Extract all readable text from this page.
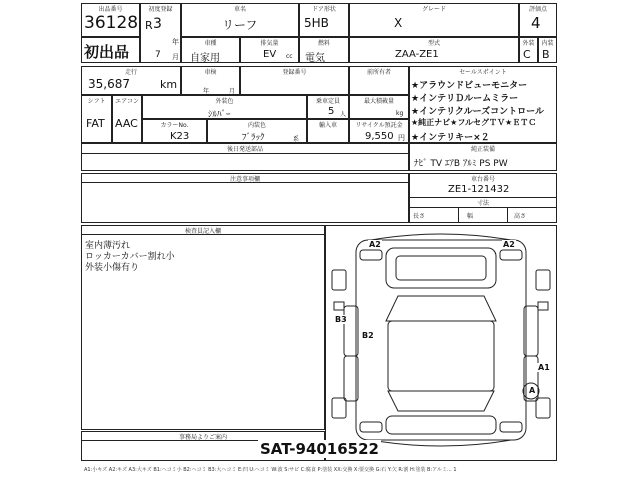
出品番号
36128
初出品
初度登録
R 3
年
7 月
車名
リーフ
車種
自家用
排気量
EV cc
ドア形状
5HB
燃料
電気
グレード
X
型式
ZAA-ZE1
評価点
4
外装
C
内装
B
走行
35,687	km
車検
年	月
登録番号	前所有者	セールスポイント
★アラウンドビューモニター
★インテリＤルームミラー
★インテリクルーズコントロール
★純正ナビ★フルセグＴＶ★ＥＴＣ
★インテリキー×２
シフト
FAT
エアコン
AAC
外装色
ｼﾙﾊﾞｰ
乗車定員
5 人
最大積載量
kg
カラーNo.
K23
内装色
ﾌﾞﾗｯｸ	系
輸入車	リサイクル預託金
9,550 円
後日発送部品	純正装備
ﾅﾋﾞ TV ｴｱB ｱﾙﾐ PS PW
注意事項欄	車台番号
ZE1-121432
寸法
長さ	幅	高さ
検査員記入欄
室内薄汚れ
ロッカーカバー割れ小
外装小傷有り
事務局よりご案内
A2	A2
B3
B2
A1
A
SAT-94016522
A1:小キズ A2:キズ A3:大キズ B1:ヘコミ小 B2:ヘコミ B3:大ヘコミ E:凹 U:ヘコミ W:波 S:サビ C:腐食 P:塗装 XX:交換 X:要交換 G:石 Y:欠 R:割 H:塗装 B:アルミ... 1
